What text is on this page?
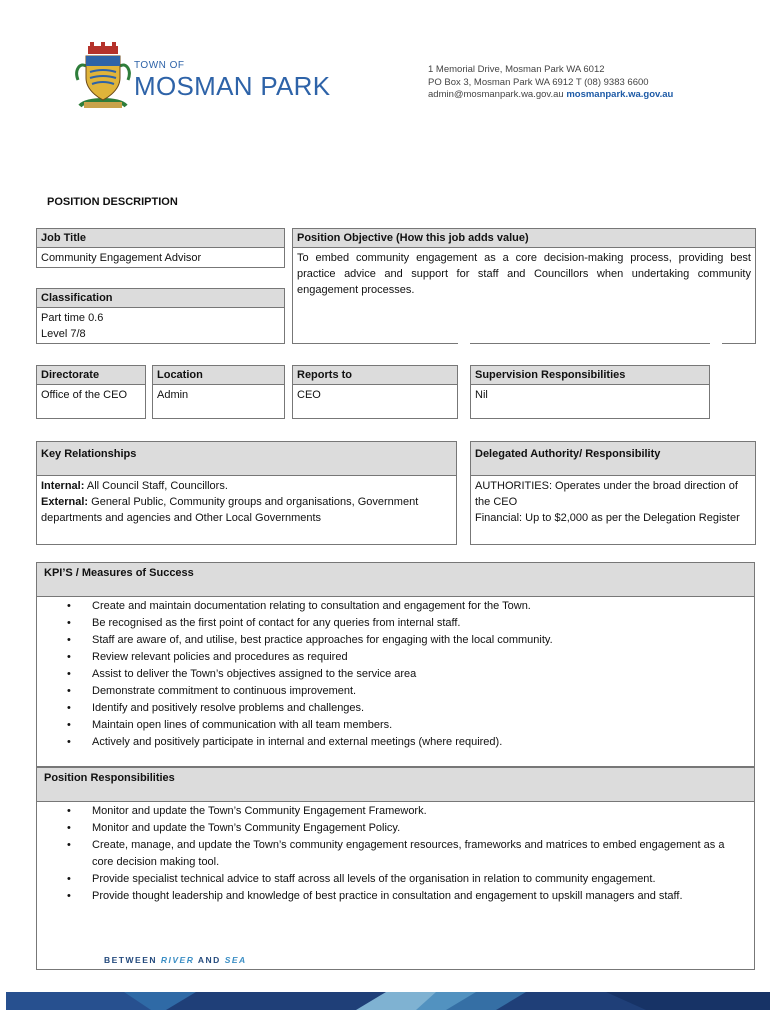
TOWN OF
MOSMAN PARK
1 Memorial Drive, Mosman Park WA 6012
PO Box 3, Mosman Park WA 6912 T (08) 9383 6600
admin@mosmanpark.wa.gov.au mosmanpark.wa.gov.au
POSITION DESCRIPTION
Job Title
Community Engagement Advisor
Classification
Part time 0.6
Level 7/8
Position Objective (How this job adds value)
To embed community engagement as a core decision-making process, providing best practice advice and support for staff and Councillors when undertaking community engagement processes.
Directorate
Office of the CEO
Location
Admin
Reports to
CEO
Supervision Responsibilities
Nil
Key Relationships
Internal: All Council Staff, Councillors.
External: General Public, Community groups and organisations, Government departments and agencies and Other Local Governments
Delegated Authority/ Responsibility
AUTHORITIES: Operates under the broad direction of the CEO
Financial: Up to $2,000 as per the Delegation Register
KPI’S / Measures of Success
• Create and maintain documentation relating to consultation and engagement for the Town.
• Be recognised as the first point of contact for any queries from internal staff.
• Staff are aware of, and utilise, best practice approaches for engaging with the local community.
• Review relevant policies and procedures as required
• Assist to deliver the Town’s objectives assigned to the service area
• Demonstrate commitment to continuous improvement.
• Identify and positively resolve problems and challenges.
• Maintain open lines of communication with all team members.
• Actively and positively participate in internal and external meetings (where required).
Position Responsibilities
• Monitor and update the Town’s Community Engagement Framework.
• Monitor and update the Town’s Community Engagement Policy.
• Create, manage, and update the Town’s community engagement resources, frameworks and matrices to embed engagement as a core decision making tool.
• Provide specialist technical advice to staff across all levels of the organisation in relation to community engagement.
• Provide thought leadership and knowledge of best practice in consultation and engagement to upskill managers and staff.
BETWEEN RIVER AND SEA
